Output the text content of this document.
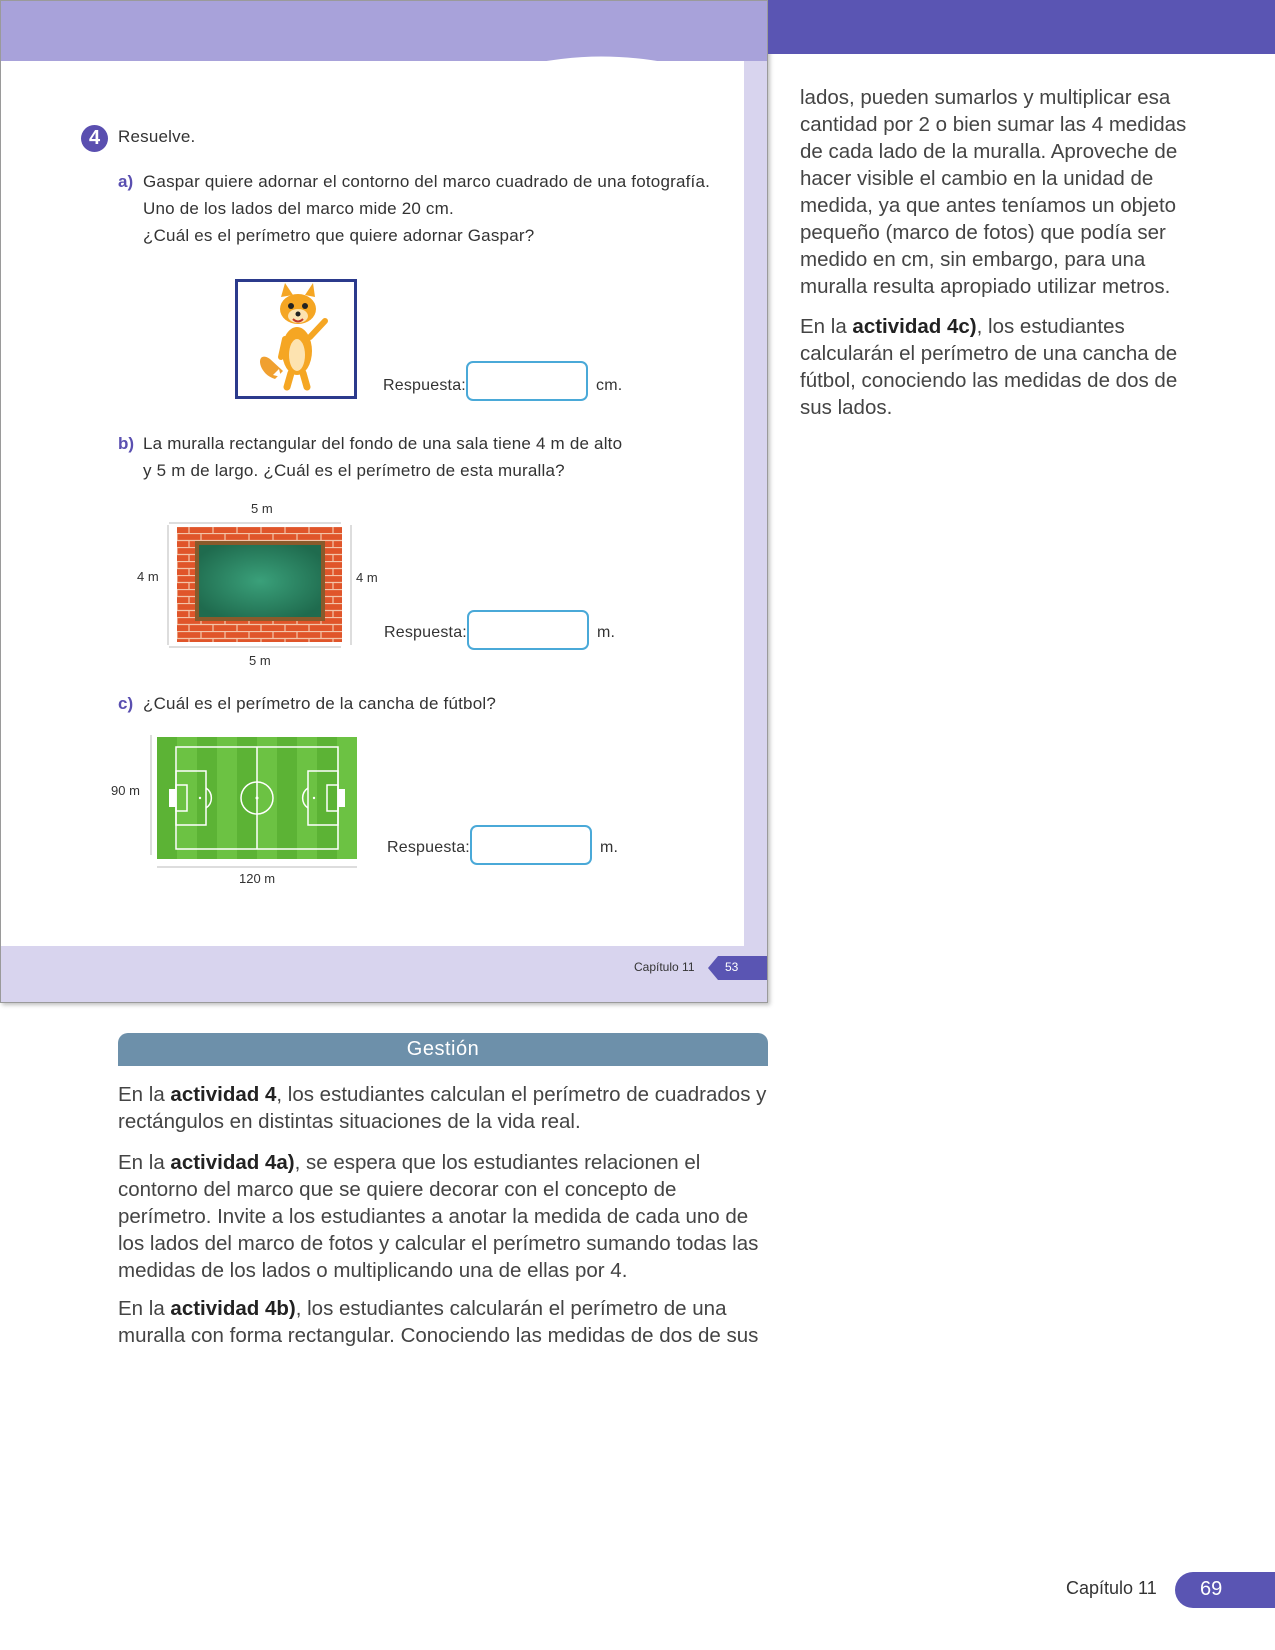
4	Resuelve.
a) Gaspar quiere adornar el contorno del marco cuadrado de una fotografía.
Uno de los lados del marco mide 20 cm.
¿Cuál es el perímetro que quiere adornar Gaspar?
Respuesta:	cm.
b) La muralla rectangular del fondo de una sala tiene 4 m de alto
y 5 m de largo. ¿Cuál es el perímetro de esta muralla?
5 m
4 m	4 m
5 m
Respuesta:	m.
c) ¿Cuál es el perímetro de la cancha de fútbol?
90 m
120 m
Respuesta:	m.
Capítulo 11	53
Gestión

En la actividad 4, los estudiantes calculan el perímetro de cuadrados y rectángulos en distintas situaciones de la vida real.

En la actividad 4a), se espera que los estudiantes relacionen el contorno del marco que se quiere decorar con el concepto de perímetro. Invite a los estudiantes a anotar la medida de cada uno de los lados del marco de fotos y calcular el perímetro sumando todas las medidas de los lados o multiplicando una de ellas por 4.

En la actividad 4b), los estudiantes calcularán el perímetro de una muralla con forma rectangular. Conociendo las medidas de dos de sus

lados, pueden sumarlos y multiplicar esa cantidad por 2 o bien sumar las 4 medidas de cada lado de la muralla. Aproveche de hacer visible el cambio en la unidad de medida, ya que antes teníamos un objeto pequeño (marco de fotos) que podía ser medido en cm, sin embargo, para una muralla resulta apropiado utilizar metros.

En la actividad 4c), los estudiantes calcularán el perímetro de una cancha de fútbol, conociendo las medidas de dos de sus lados.

Capítulo 11 69
